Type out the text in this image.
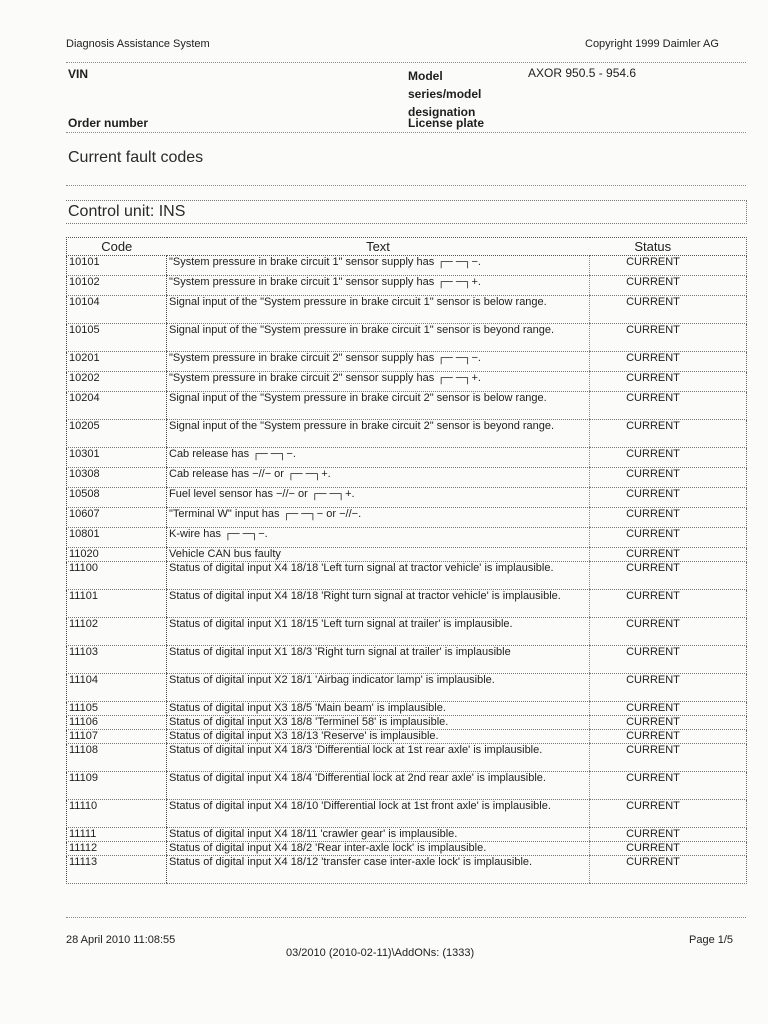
Diagnosis Assistance System	Copyright 1999 Daimler AG
VIN	Model
series/model
designation
AXOR 950.5 - 954.6
Order number	License plate
Current fault codes
Control unit: INS
Code	Text	Status
10101	"System pressure in brake circuit 1" sensor supply has ┌─ ─┐−.	CURRENT
10102	"System pressure in brake circuit 1" sensor supply has ┌─ ─┐+.	CURRENT
10104	Signal input of the "System pressure in brake circuit 1" sensor is below range.	CURRENT
10105	Signal input of the "System pressure in brake circuit 1" sensor is beyond range.	CURRENT
10201	"System pressure in brake circuit 2" sensor supply has ┌─ ─┐−.	CURRENT
10202	"System pressure in brake circuit 2" sensor supply has ┌─ ─┐+.	CURRENT
10204	Signal input of the "System pressure in brake circuit 2" sensor is below range.	CURRENT
10205	Signal input of the "System pressure in brake circuit 2" sensor is beyond range.	CURRENT
10301	Cab release has ┌─ ─┐−.	CURRENT
10308	Cab release has −//− or ┌─ ─┐+.	CURRENT
10508	Fuel level sensor has −//− or ┌─ ─┐+.	CURRENT
10607	"Terminal W" input has ┌─ ─┐− or −//−.	CURRENT
10801	K-wire has ┌─ ─┐−.	CURRENT
11020	Vehicle CAN bus faulty	CURRENT
11100	Status of digital input X4 18/18 'Left turn signal at tractor vehicle' is implausible.	CURRENT
11101	Status of digital input X4 18/18 'Right turn signal at tractor vehicle' is implausible.	CURRENT
11102	Status of digital input X1 18/15 'Left turn signal at trailer' is implausible.	CURRENT
11103	Status of digital input X1 18/3 'Right turn signal at trailer' is implausible	CURRENT
11104	Status of digital input X2 18/1 'Airbag indicator lamp' is implausible.	CURRENT
11105	Status of digital input X3 18/5 'Main beam' is implausible.	CURRENT
11106	Status of digital input X3 18/8 'Terminel 58' is implausible.	CURRENT
11107	Status of digital input X3 18/13 'Reserve' is implausible.	CURRENT
11108	Status of digital input X4 18/3 'Differential lock at 1st rear axle' is implausible.	CURRENT
11109	Status of digital input X4 18/4 'Differential lock at 2nd rear axle' is implausible.	CURRENT
11110	Status of digital input X4 18/10 'Differential lock at 1st front axle' is implausible.	CURRENT
11111	Status of digital input X4 18/11 'crawler gear' is implausible.	CURRENT
11112	Status of digital input X4 18/2 'Rear inter-axle lock' is implausible.	CURRENT
11113	Status of digital input X4 18/12 'transfer case inter-axle lock' is implausible.	CURRENT
28 April 2010 11:08:55	Page 1/5
03/2010 (2010-02-11)\AddONs: (1333)
